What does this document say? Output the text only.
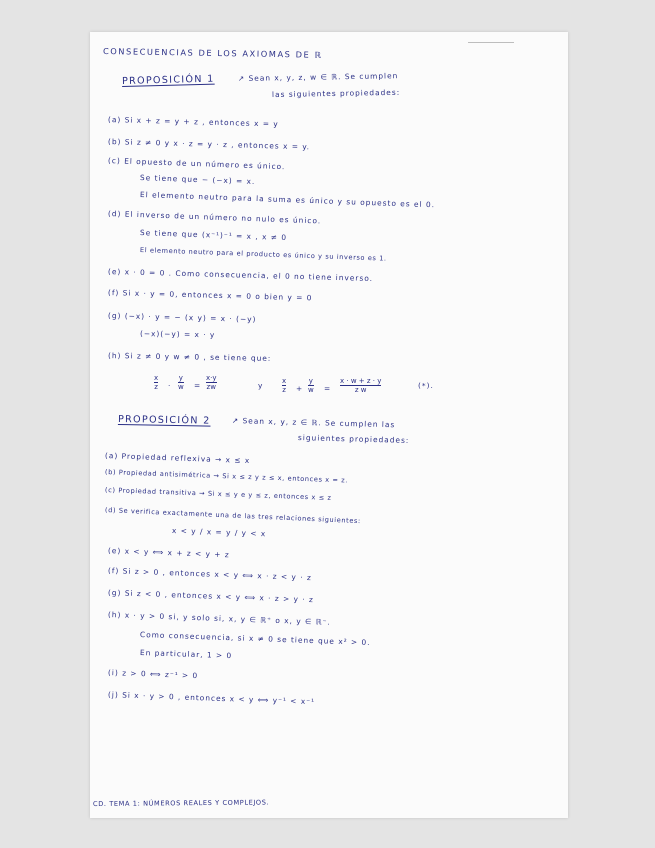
CONSECUENCIAS DE LOS AXIOMAS DE ℝ
PROPOSICIÓN 1	↗ Sean x, y, z, w ∈ ℝ. Se cumplen
las siguientes propiedades:
(a) Si x + z = y + z , entonces x = y
(b) Si z ≠ 0 y x · z = y · z , entonces x = y.
(c) El opuesto de un número es único.
Se tiene que − (−x) = x.
El elemento neutro para la suma es único y su opuesto es el 0.
(d) El inverso de un número no nulo es único.
Se tiene que (x⁻¹)⁻¹ = x , x ≠ 0
El elemento neutro para el producto es único y su inverso es 1.
(e) x · 0 = 0 . Como consecuencia, el 0 no tiene inverso.
(f) Si x · y = 0, entonces x = 0 o bien y = 0
(g) (−x) · y = − (x y) = x · (−y)
(−x)(−y) = x · y
(h) Si z ≠ 0 y w ≠ 0 , se tiene que:
x
z ·
y
w =
x·y
zw	y	x
z +
y
w =
x · w + z · y
z w	(*).
PROPOSICIÓN 2	↗ Sean x, y, z ∈ ℝ. Se cumplen las
siguientes propiedades:
(a) Propiedad reflexiva → x ≤ x
(b) Propiedad antisimétrica → Si x ≤ z y z ≤ x, entonces x = z.
(c) Propiedad transitiva → Si x ≤ y e y ≤ z, entonces x ≤ z
(d) Se verifica exactamente una de las tres relaciones siguientes:
x < y / x = y / y < x
(e) x < y ⟺ x + z < y + z
(f) Si z > 0 , entonces x < y ⟺ x · z < y · z
(g) Si z < 0 , entonces x < y ⟺ x · z > y · z
(h) x · y > 0 si, y solo si, x, y ∈ ℝ⁺ o x, y ∈ ℝ⁻.
Como consecuencia, si x ≠ 0 se tiene que x² > 0.
En particular, 1 > 0
(i) z > 0 ⟺ z⁻¹ > 0
(j) Si x · y > 0 , entonces x < y ⟺ y⁻¹ < x⁻¹
CD. TEMA 1: NÚMEROS REALES Y COMPLEJOS.
